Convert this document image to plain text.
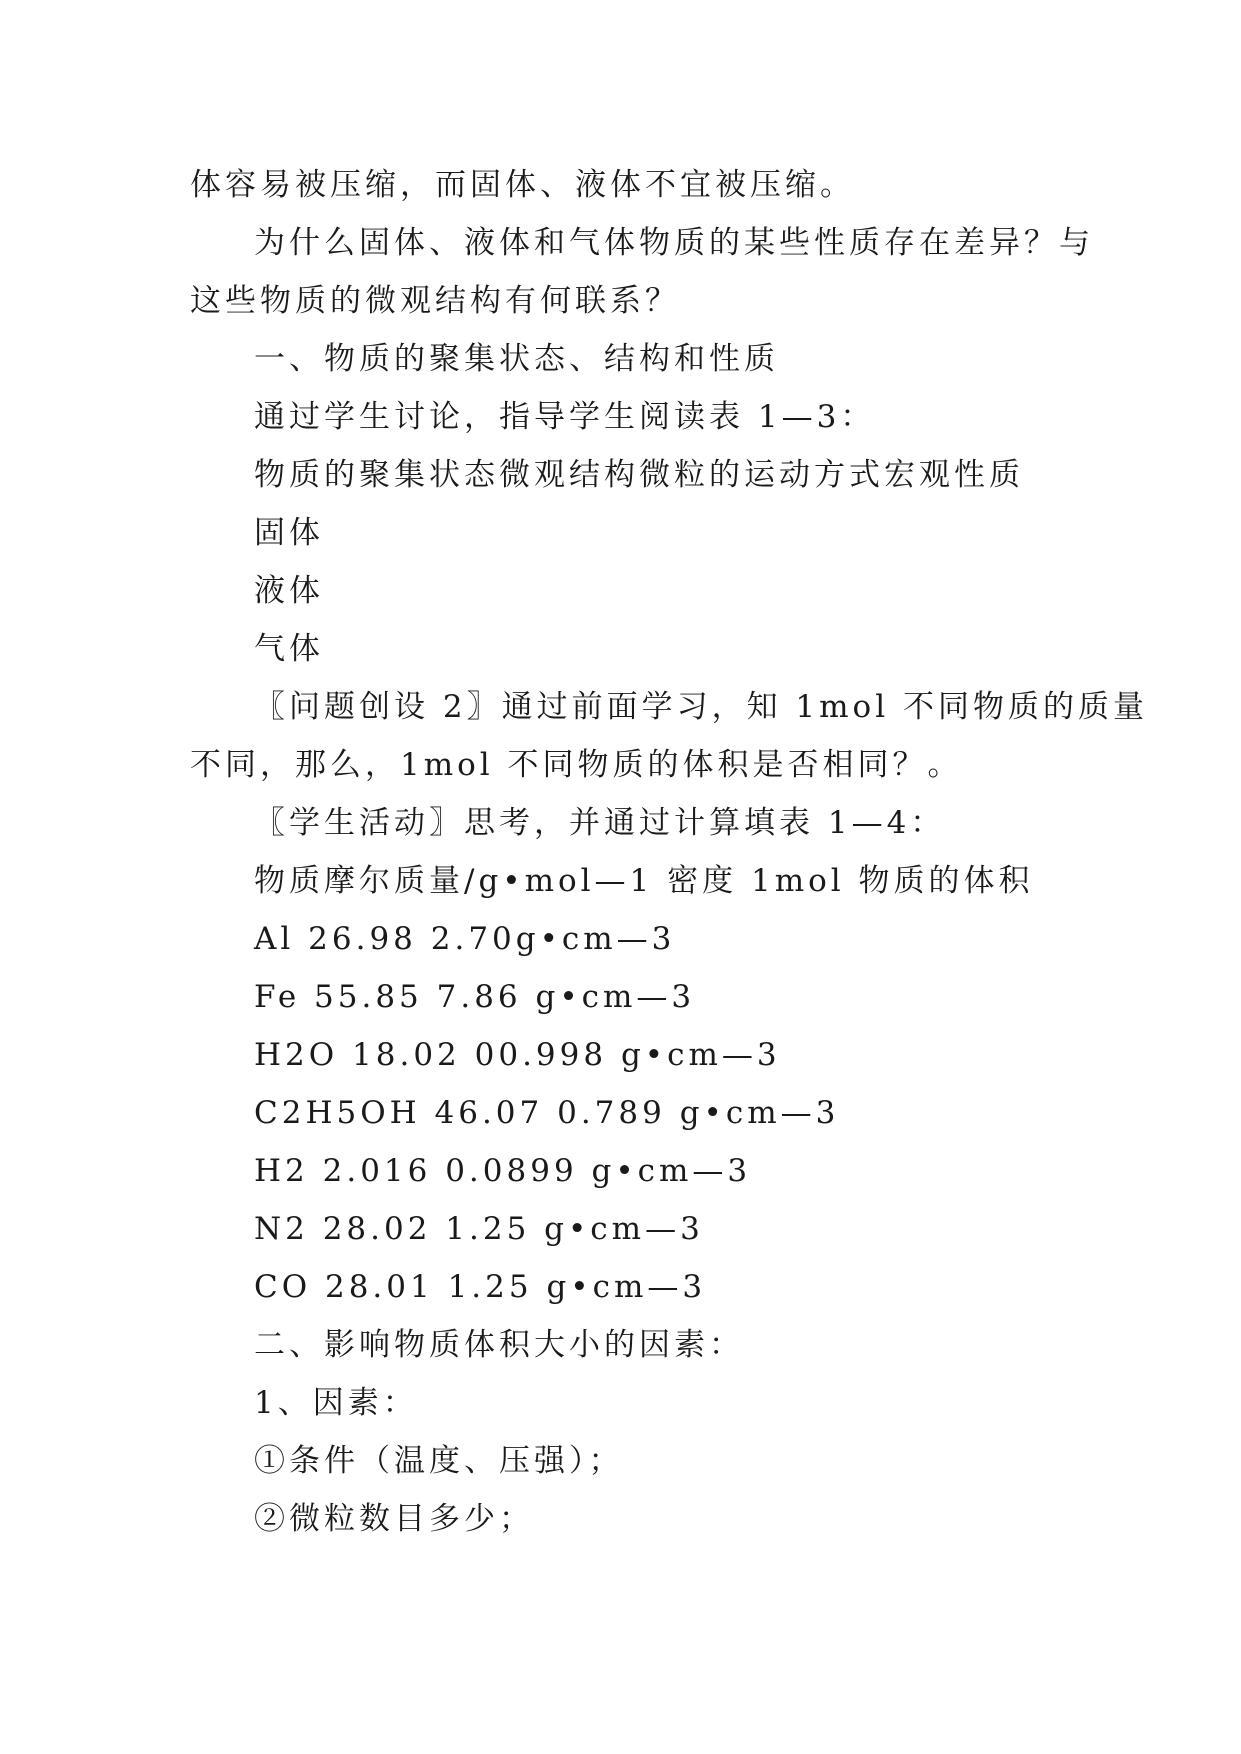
体容易被压缩，而固体、液体不宜被压缩。
为什么固体、液体和气体物质的某些性质存在差异？与
这些物质的微观结构有何联系？
一、物质的聚集状态、结构和性质
通过学生讨论，指导学生阅读表 1—3：
物质的聚集状态微观结构微粒的运动方式宏观性质
固体
液体
气体
〖问题创设 2〗通过前面学习，知 1mol 不同物质的质量
不同，那么，1mol 不同物质的体积是否相同？。
〖学生活动〗思考，并通过计算填表 1—4：
物质摩尔质量/g•mol—1 密度 1mol 物质的体积
Al 26.98 2.70g•cm—3
Fe 55.85 7.86 g•cm—3
H2O 18.02 00.998 g•cm—3
C2H5OH 46.07 0.789 g•cm—3
H2 2.016 0.0899 g•cm—3
N2 28.02 1.25 g•cm—3
CO 28.01 1.25 g•cm—3
二、影响物质体积大小的因素：
1、因素：
①条件（温度、压强）；
②微粒数目多少；
